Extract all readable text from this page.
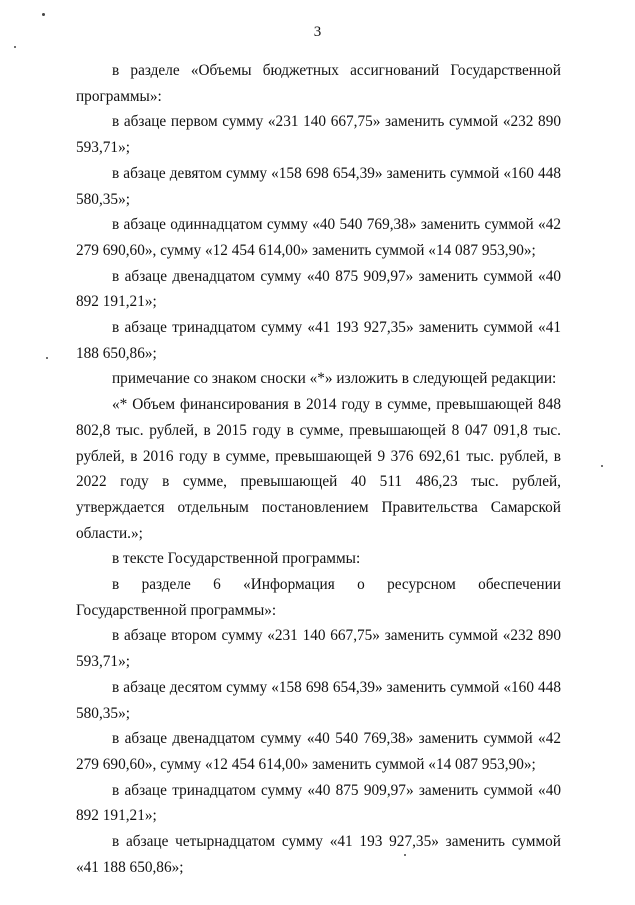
3

в разделе «Объемы бюджетных ассигнований Государственной программы»:

в абзаце первом сумму «231 140 667,75» заменить суммой «232 890 593,71»;

в абзаце девятом сумму «158 698 654,39» заменить суммой «160 448 580,35»;

в абзаце одиннадцатом сумму «40 540 769,38» заменить суммой «42 279 690,60», сумму «12 454 614,00» заменить суммой «14 087 953,90»;

в абзаце двенадцатом сумму «40 875 909,97» заменить суммой «40 892 191,21»;

в абзаце тринадцатом сумму «41 193 927,35» заменить суммой «41 188 650,86»;

примечание со знаком сноски «*» изложить в следующей редакции:

«* Объем финансирования в 2014 году в сумме, превышающей 848 802,8 тыс. рублей, в 2015 году в сумме, превышающей 8 047 091,8 тыс. рублей, в 2016 году в сумме, превышающей 9 376 692,61 тыс. рублей, в 2022 году в сумме, превышающей 40 511 486,23 тыс. рублей, утверждается отдельным постановлением Правительства Самарской области.»;

в тексте Государственной программы:

в разделе 6 «Информация о ресурсном обеспечении Государственной программы»:

в абзаце втором сумму «231 140 667,75» заменить суммой «232 890 593,71»;

в абзаце десятом сумму «158 698 654,39» заменить суммой «160 448 580,35»;

в абзаце двенадцатом сумму «40 540 769,38» заменить суммой «42 279 690,60», сумму «12 454 614,00» заменить суммой «14 087 953,90»;

в абзаце тринадцатом сумму «40 875 909,97» заменить суммой «40 892 191,21»;

в абзаце четырнадцатом сумму «41 193 927,35» заменить суммой «41 188 650,86»;
